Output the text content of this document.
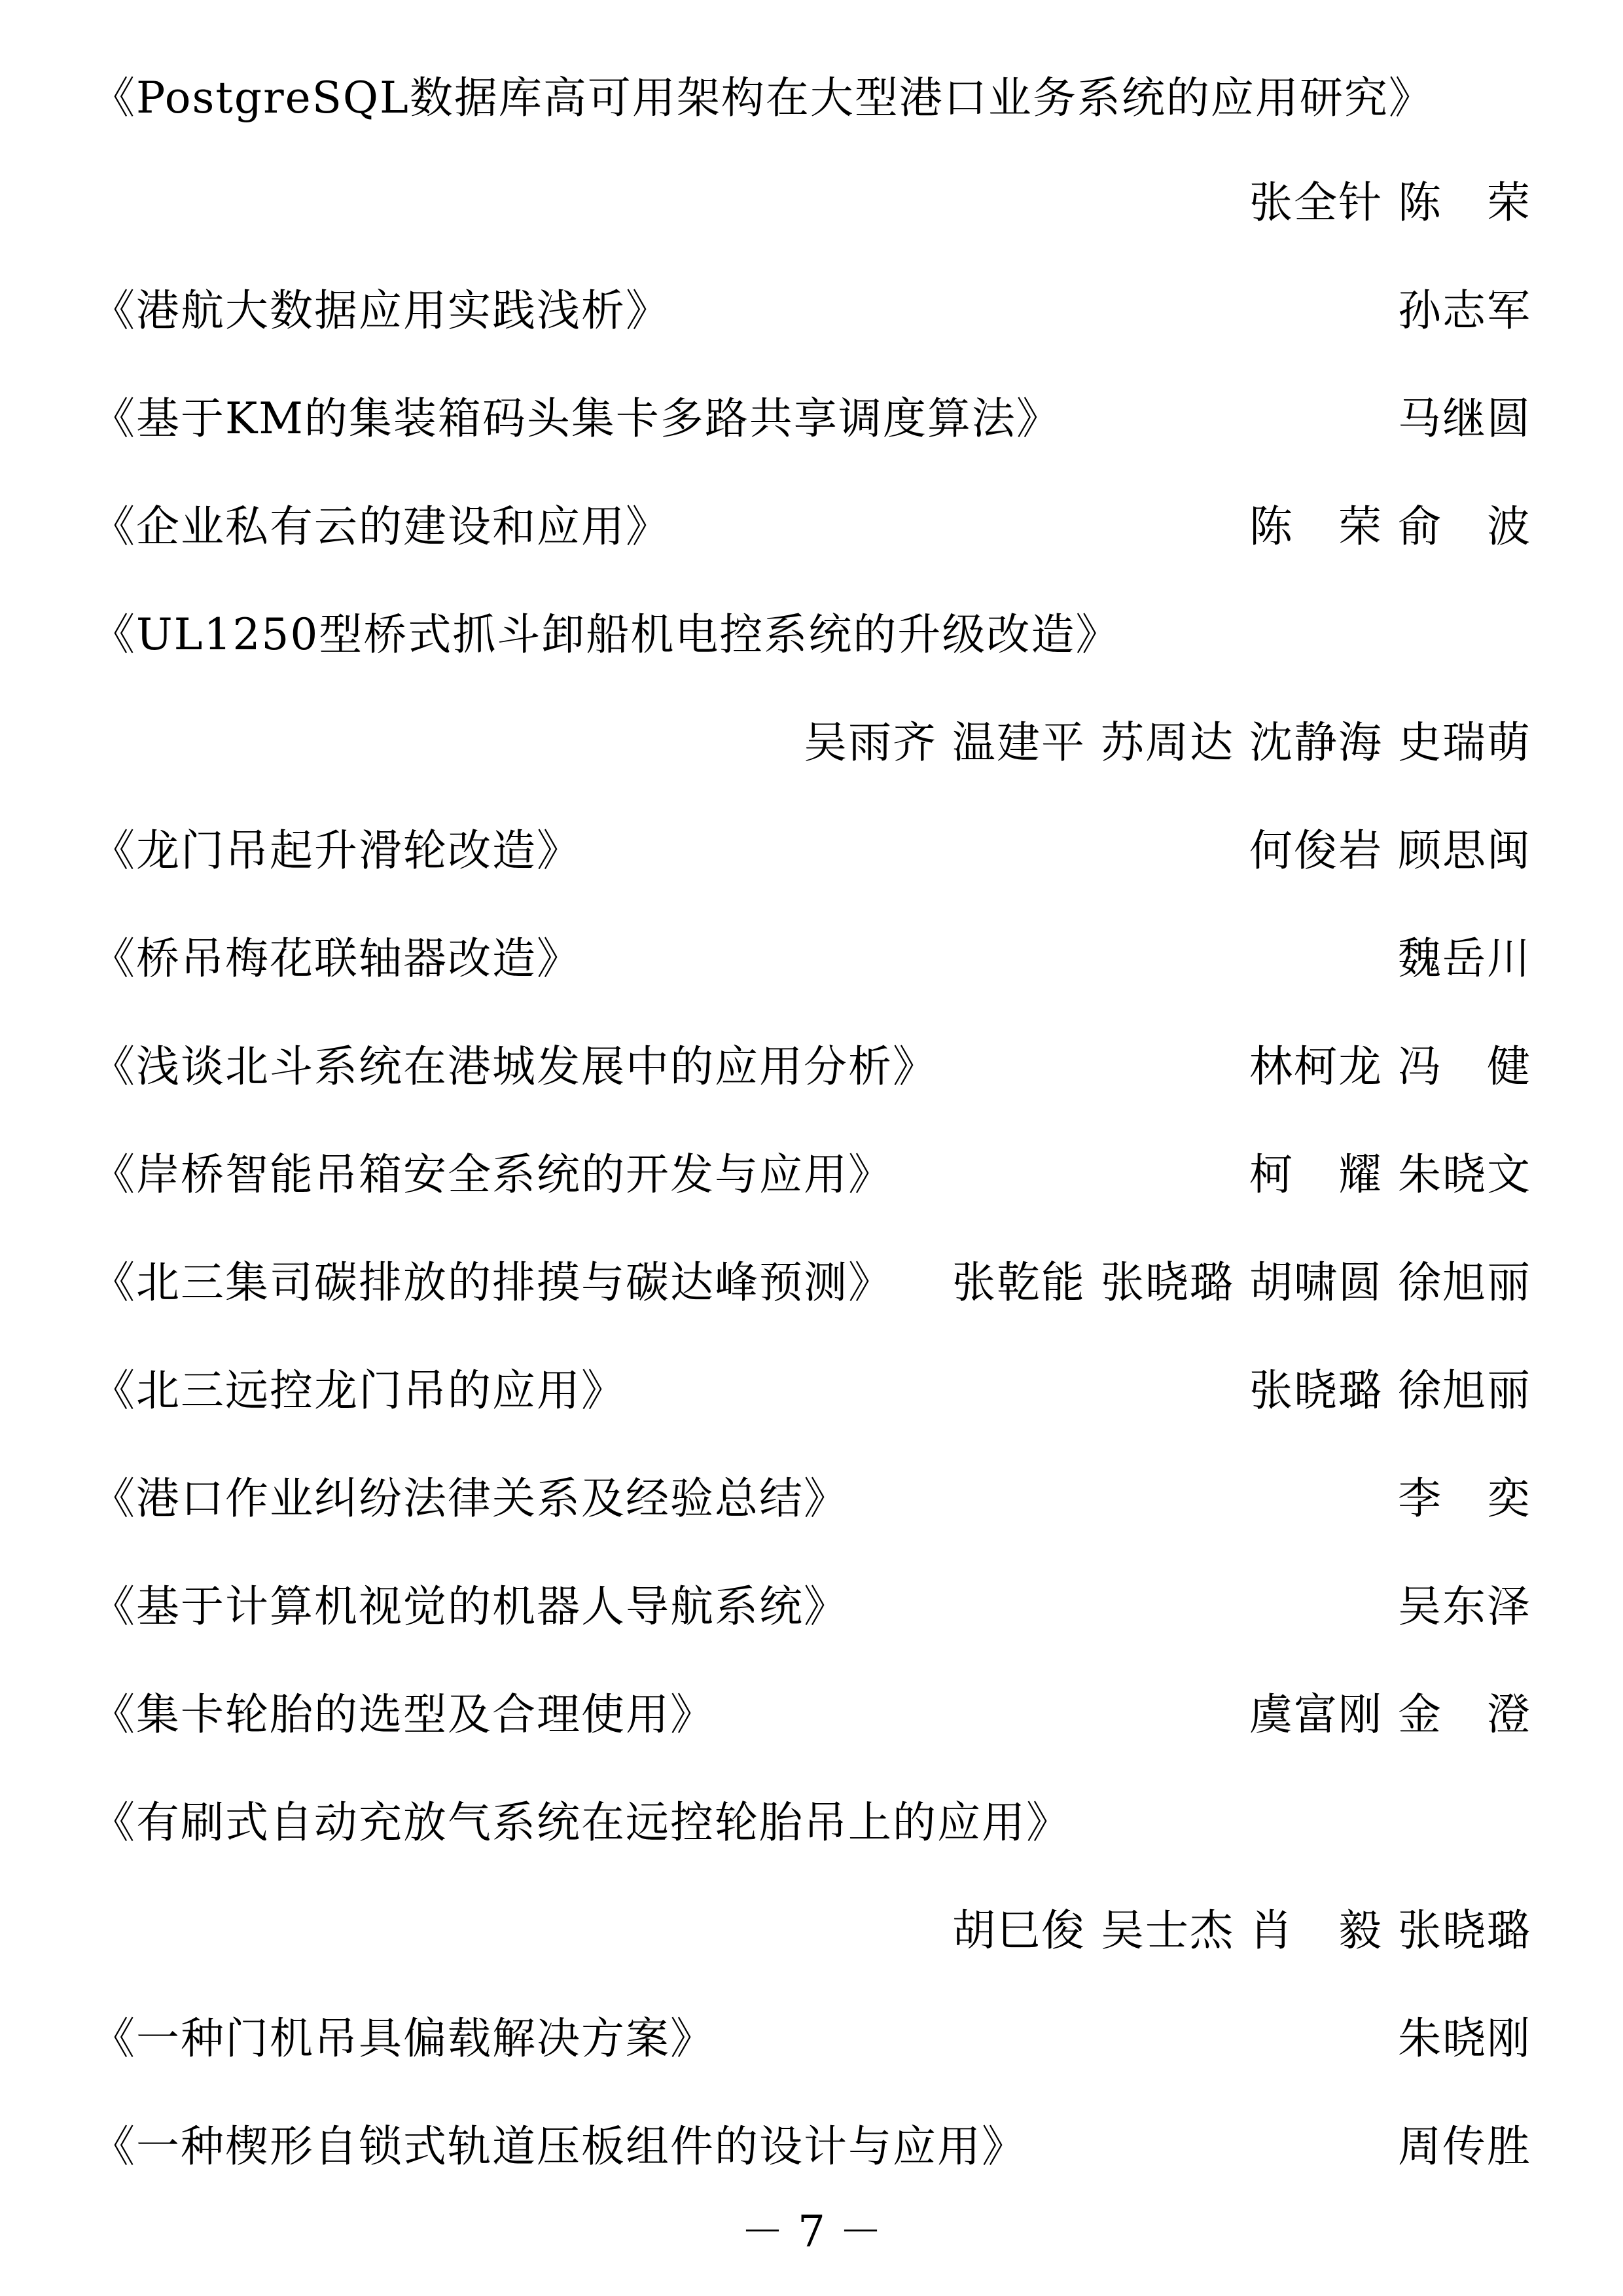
《PostgreSQL数据库高可用架构在大型港口业务系统的应用研究》
张全针 陈　荣
《港航大数据应用实践浅析》	孙志军
《基于KM的集装箱码头集卡多路共享调度算法》	马继圆
《企业私有云的建设和应用》	陈　荣 俞　波
《UL1250型桥式抓斗卸船机电控系统的升级改造》
吴雨齐 温建平 苏周达 沈静海 史瑞萌
《龙门吊起升滑轮改造》	何俊岩 顾思闽
《桥吊梅花联轴器改造》	魏岳川
《浅谈北斗系统在港城发展中的应用分析》	林柯龙 冯　健
《岸桥智能吊箱安全系统的开发与应用》	柯　耀 朱晓文
《北三集司碳排放的排摸与碳达峰预测》 张乾能 张晓璐 胡啸圆 徐旭丽
《北三远控龙门吊的应用》	张晓璐 徐旭丽
《港口作业纠纷法律关系及经验总结》	李　奕
《基于计算机视觉的机器人导航系统》	吴东泽
《集卡轮胎的选型及合理使用》	虞富刚 金　澄
《有刷式自动充放气系统在远控轮胎吊上的应用》
胡巳俊 吴士杰 肖　毅 张晓璐
《一种门机吊具偏载解决方案》	朱晓刚
《一种楔形自锁式轨道压板组件的设计与应用》	周传胜
－ 7 －
